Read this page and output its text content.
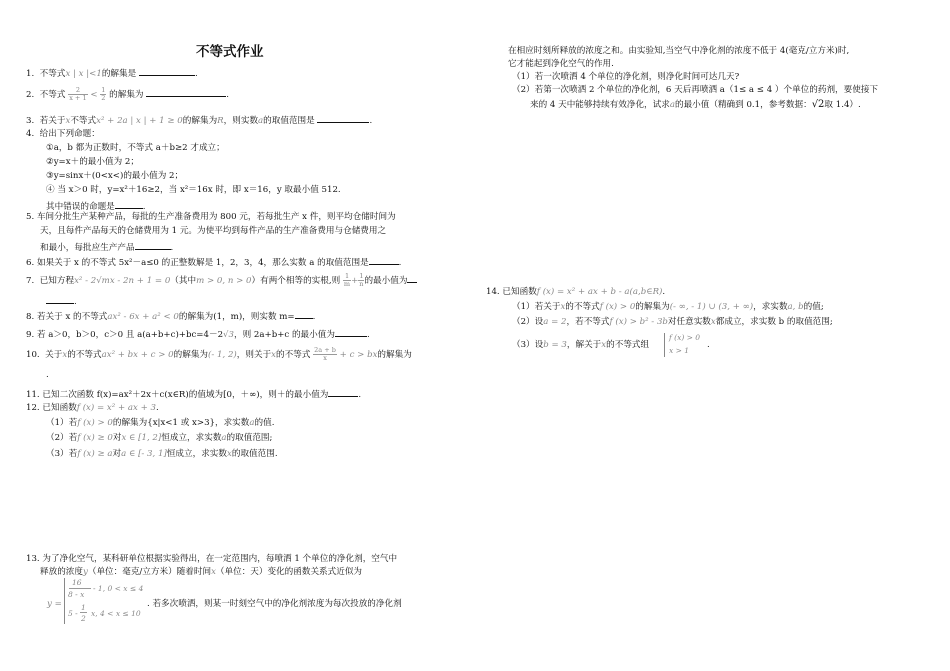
不等式作业
1. 不等式x | x |<1的解集是	.
2. 不等式 $\frac{2}{x + 1} < \frac{1}{2}$ 的解集为	.
3. 若关于x不等式x² + 2a | x | + 1 ≥ 0的解集为R，则实数a的取值范围是	.
4. 给出下列命题：
①a，b 都为正数时，不等式 a＋b≥2 才成立；
②y=x＋的最小值为 2；
③y=sinx＋(0<x<)的最小值为 2；
④ 当 x＞0 时，y=x²＋16≥2，当 x²＝16x 时，即 x＝16，y 取最小值 512.
其中错误的命题是	.
5. 车间分批生产某种产品，每批的生产准备费用为 800 元，若每批生产 x 件，则平均仓储时间为
天，且每件产品每天的仓储费用为 1 元。为使平均到每件产品的生产准备费用与仓储费用之
和最小，每批应生产产品	.
6. 如果关于 x 的不等式 5x²－a≤0 的正整数解是 1，2，3，4，那么实数 a 的取值范围是	.
7. 已知方程x² - 2√mx - 2n + 1 = 0（其中m > 0, n > 0）有两个相等的实根,则 $\frac{1}{m} + \frac{1}{n}$ 的最小值为
.
8. 若关于 x 的不等式ax² - 6x + a² < 0的解集为(1，m)，则实数 m= .
9. 若 a＞0，b＞0，c＞0 且 a(a+b+c)+bc=4－2√3，则 2a+b+c 的最小值为	.
10. 关于x的不等式ax² + bx + c > 0的解集为(- 1, 2)，则关于x的不等式 $\frac{2a + b}{x} + c$ > bx的解集为
.
11. 已知二次函数 f(x)=ax²＋2x＋c(x∈R)的值域为[0，＋∞)，则＋的最小值为	.
12. 已知函数f (x) = x² + ax + 3.
（1）若f (x) > 0的解集为{x|x<1 或 x>3}，求实数a的值.
（2）若f (x) ≥ 0对x ∈ [1, 2]恒成立，求实数a的取值范围;
（3）若f (x) ≥ a对a ∈ [- 3, 1]恒成立，求实数x的取值范围.
13. 为了净化空气，某科研单位根据实验得出，在一定范围内，每喷洒 1 个单位的净化剂，空气中
释放的浓度y（单位：毫克/立方米）随着时间x（单位：天）变化的函数关系式近似为
y =
16
8 - x
- 1, 0 < x ≤ 4
1
5 -
2
x, 4 < x ≤ 10
. 若多次喷洒，则某一时刻空气中的净化剂浓度为每次投放的净化剂
在相应时刻所释放的浓度之和。由实验知,当空气中净化剂的浓度不低于 4(毫克/立方米)时,
它才能起到净化空气的作用.
（1）若一次喷洒 4 个单位的净化剂，则净化时间可达几天?
（2）若第一次喷洒 2 个单位的净化剂，6 天后再喷洒 a（1≤ a ≤ 4 ）个单位的药剂，要使接下
来的 4 天中能够持续有效净化，试求a的最小值（精确到 0.1，参考数据：√2取 1.4）.
14. 已知函数f (x) = x² + ax + b - a(a,b∈R).
（1）若关于x的不等式f (x) > 0的解集为(- ∞, - 1) ∪ (3, + ∞)，求实数a, b的值;
（2）设a = 2，若不等式f (x) > b² - 3b对任意实数x都成立，求实数 b 的取值范围;
（3）设b = 3，解关于x的不等式组
f (x) > 0
x > 1
.
